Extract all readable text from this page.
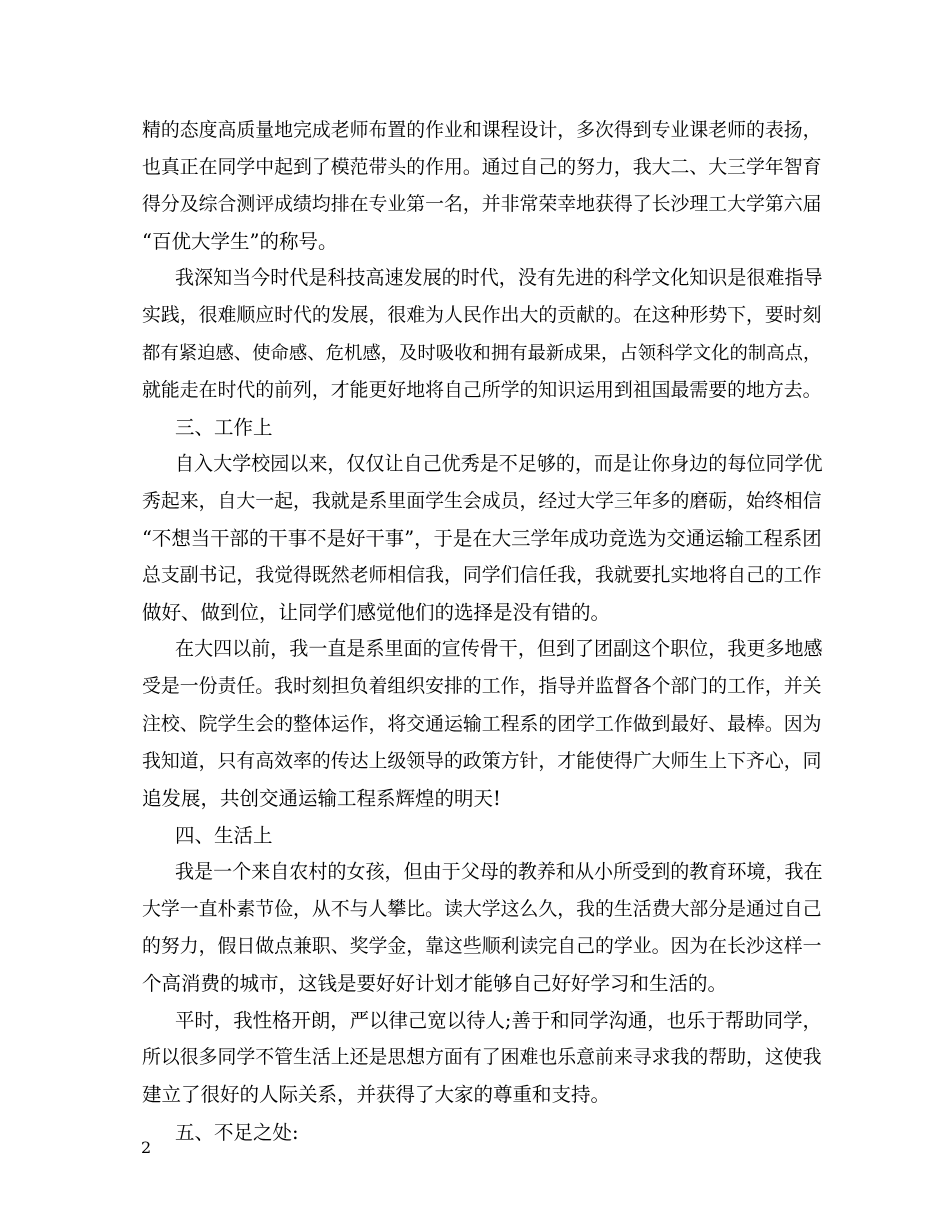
精的态度高质量地完成老师布置的作业和课程设计，多次得到专业课老师的表扬，
也真正在同学中起到了模范带头的作用。通过自己的努力，我大二、大三学年智育
得分及综合测评成绩均排在专业第一名，并非常荣幸地获得了长沙理工大学第六届
“百优大学生”的称号。
我深知当今时代是科技高速发展的时代，没有先进的科学文化知识是很难指导
实践，很难顺应时代的发展，很难为人民作出大的贡献的。在这种形势下，要时刻
都有紧迫感、使命感、危机感，及时吸收和拥有最新成果，占领科学文化的制高点，
就能走在时代的前列，才能更好地将自己所学的知识运用到祖国最需要的地方去。
三、工作上
自入大学校园以来，仅仅让自己优秀是不足够的，而是让你身边的每位同学优
秀起来，自大一起，我就是系里面学生会成员，经过大学三年多的磨砺，始终相信
“不想当干部的干事不是好干事”，于是在大三学年成功竞选为交通运输工程系团
总支副书记，我觉得既然老师相信我，同学们信任我，我就要扎实地将自己的工作
做好、做到位，让同学们感觉他们的选择是没有错的。
在大四以前，我一直是系里面的宣传骨干，但到了团副这个职位，我更多地感
受是一份责任。我时刻担负着组织安排的工作，指导并监督各个部门的工作，并关
注校、院学生会的整体运作，将交通运输工程系的团学工作做到最好、最棒。因为
我知道，只有高效率的传达上级领导的政策方针，才能使得广大师生上下齐心，同
追发展，共创交通运输工程系辉煌的明天!
四、生活上
我是一个来自农村的女孩，但由于父母的教养和从小所受到的教育环境，我在
大学一直朴素节俭，从不与人攀比。读大学这么久，我的生活费大部分是通过自己
的努力，假日做点兼职、奖学金，靠这些顺利读完自己的学业。因为在长沙这样一
个高消费的城市，这钱是要好好计划才能够自己好好学习和生活的。
平时，我性格开朗，严以律己宽以待人;善于和同学沟通，也乐于帮助同学，
所以很多同学不管生活上还是思想方面有了困难也乐意前来寻求我的帮助，这使我
建立了很好的人际关系，并获得了大家的尊重和支持。
五、不足之处:
2
